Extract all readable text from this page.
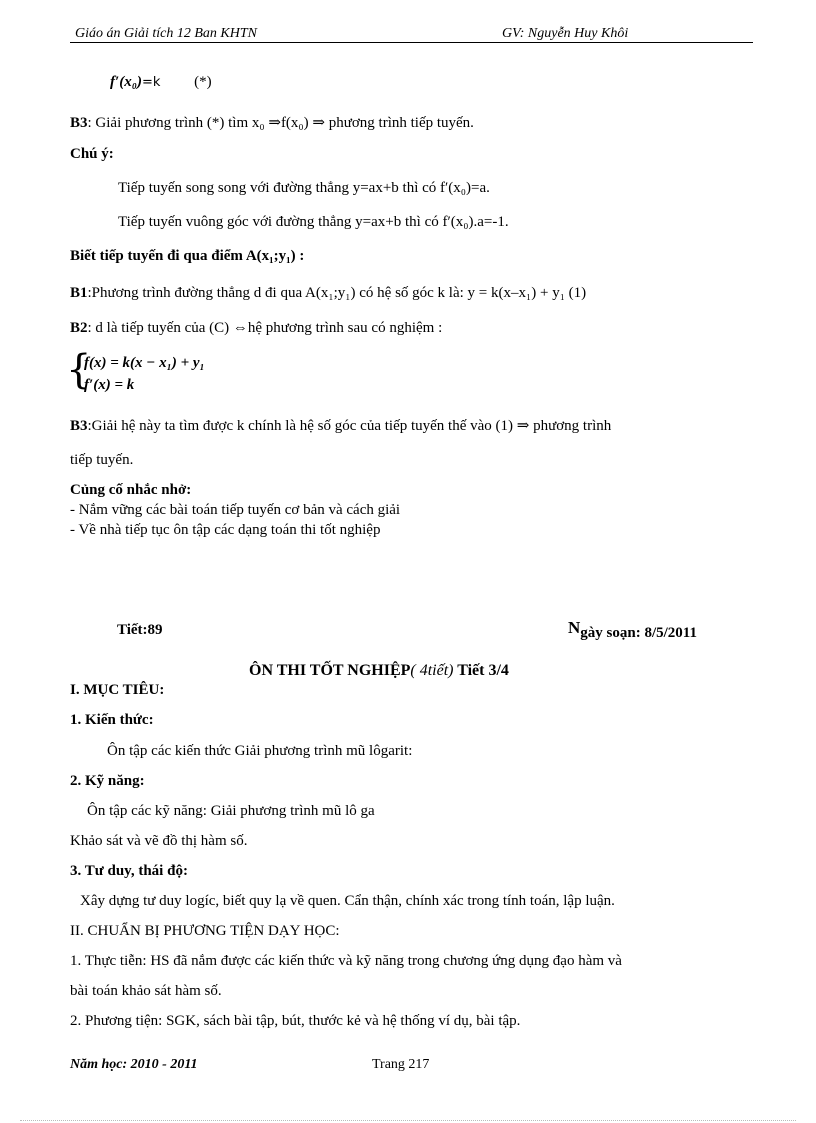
Giáo án Giải tích 12 Ban KHTN	GV: Nguyễn Huy Khôi
f′(x₀)=k (*)
B3: Giải phương trình (*) tìm x₀ ⇒f(x₀) ⇒ phương trình tiếp tuyến.
Chú ý:
Tiếp tuyến song song với đường thẳng y=ax+b thì có f′(x₀)=a.
Tiếp tuyến vuông góc với đường thẳng y=ax+b thì có f′(x₀).a=-1.
Biết tiếp tuyến đi qua điểm A(x₁;y₁) :
B1:Phương trình đường thẳng d đi qua A(x₁;y₁) có hệ số góc k là: y = k(x–x₁) + y₁ (1)
B2: d là tiếp tuyến của (C) ⇔hệ phương trình sau có nghiệm :
{
f(x) = k(x − x₁) + y₁
f′(x) = k
B3:Giải hệ này ta tìm được k chính là hệ số góc của tiếp tuyến thế vào (1) ⇒ phương trình
tiếp tuyến.
Củng cố nhắc nhở:
- Nắm vững các bài toán tiếp tuyến cơ bản và cách giải
- Về nhà tiếp tục ôn tập các dạng toán thi tốt nghiệp
Tiết:89	Ngày soạn: 8/5/2011
ÔN THI TỐT NGHIỆP( 4tiết) Tiết 3/4
I. MỤC TIÊU:
1. Kiến thức:
Ôn tập các kiến thức Giải phương trình mũ lôgarit:
2. Kỹ năng:
Ôn tập các kỹ năng: Giải phương trình mũ lô ga
Khảo sát và vẽ đồ thị hàm số.
3. Tư duy, thái độ:
Xây dựng tư duy logíc, biết quy lạ về quen. Cẩn thận, chính xác trong tính toán, lập luận.
II. CHUẨN BỊ PHƯƠNG TIỆN DẠY HỌC:
1. Thực tiễn: HS đã nắm được các kiến thức và kỹ năng trong chương ứng dụng đạo hàm và
bài toán khảo sát hàm số.
2. Phương tiện: SGK, sách bài tập, bút, thước kẻ và hệ thống ví dụ, bài tập.
Năm học: 2010 - 2011	Trang 217
